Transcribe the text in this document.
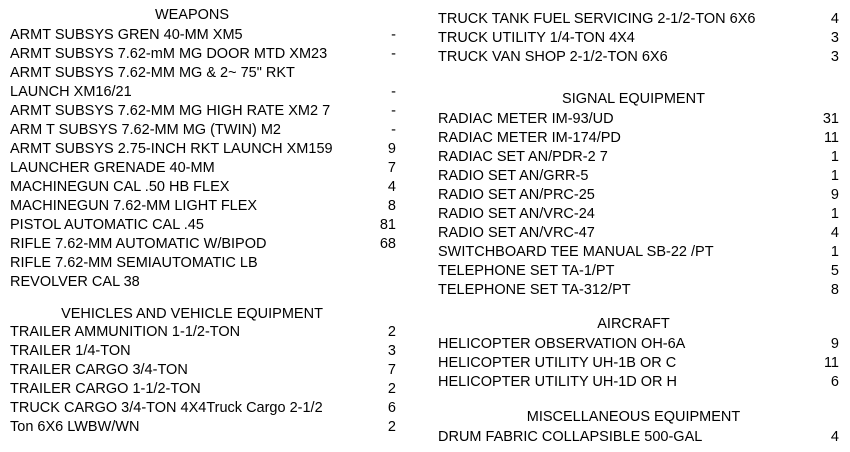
WEAPONS
ARMT SUBSYS GREN 40-MM XM5	-
ARMT SUBSYS 7.62-mM MG DOOR MTD XM23	-
ARMT SUBSYS 7.62-MM MG & 2~ 75" RKT
LAUNCH XM16/21	-
ARMT SUBSYS 7.62-MM MG HIGH RATE XM2 7	-
ARM T SUBSYS 7.62-MM MG (TWIN) M2	-
ARMT SUBSYS 2.75-INCH RKT LAUNCH XM159	9
LAUNCHER GRENADE 40-MM	7
MACHINEGUN CAL .50 HB FLEX	4
MACHINEGUN 7.62-MM LIGHT FLEX	8
PISTOL AUTOMATIC CAL .45	81
RIFLE 7.62-MM AUTOMATIC W/BIPOD	68
RIFLE 7.62-MM SEMIAUTOMATIC LB
REVOLVER CAL 38
VEHICLES AND VEHICLE EQUIPMENT
TRAILER AMMUNITION 1-1/2-TON	2
TRAILER 1/4-TON	3
TRAILER CARGO 3/4-TON	7
TRAILER CARGO 1-1/2-TON	2
TRUCK CARGO 3/4-TON 4X4Truck Cargo 2-1/2	6
Ton 6X6 LWBW/WN	2
TRUCK TANK FUEL SERVICING 2-1/2-TON 6X6	4
TRUCK UTILITY 1/4-TON 4X4	3
TRUCK VAN SHOP 2-1/2-TON 6X6	3
SIGNAL EQUIPMENT
RADIAC METER IM-93/UD	31
RADIAC METER IM-174/PD	11
RADIAC SET AN/PDR-2 7	1
RADIO SET AN/GRR-5	1
RADIO SET AN/PRC-25	9
RADIO SET AN/VRC-24	1
RADIO SET AN/VRC-47	4
SWITCHBOARD TEE MANUAL SB-22 /PT	1
TELEPHONE SET TA-1/PT	5
TELEPHONE SET TA-312/PT	8
AIRCRAFT
HELICOPTER OBSERVATION OH-6A	9
HELICOPTER UTILITY UH-1B OR C	11
HELICOPTER UTILITY UH-1D OR H	6
MISCELLANEOUS EQUIPMENT
DRUM FABRIC COLLAPSIBLE 500-GAL	4
